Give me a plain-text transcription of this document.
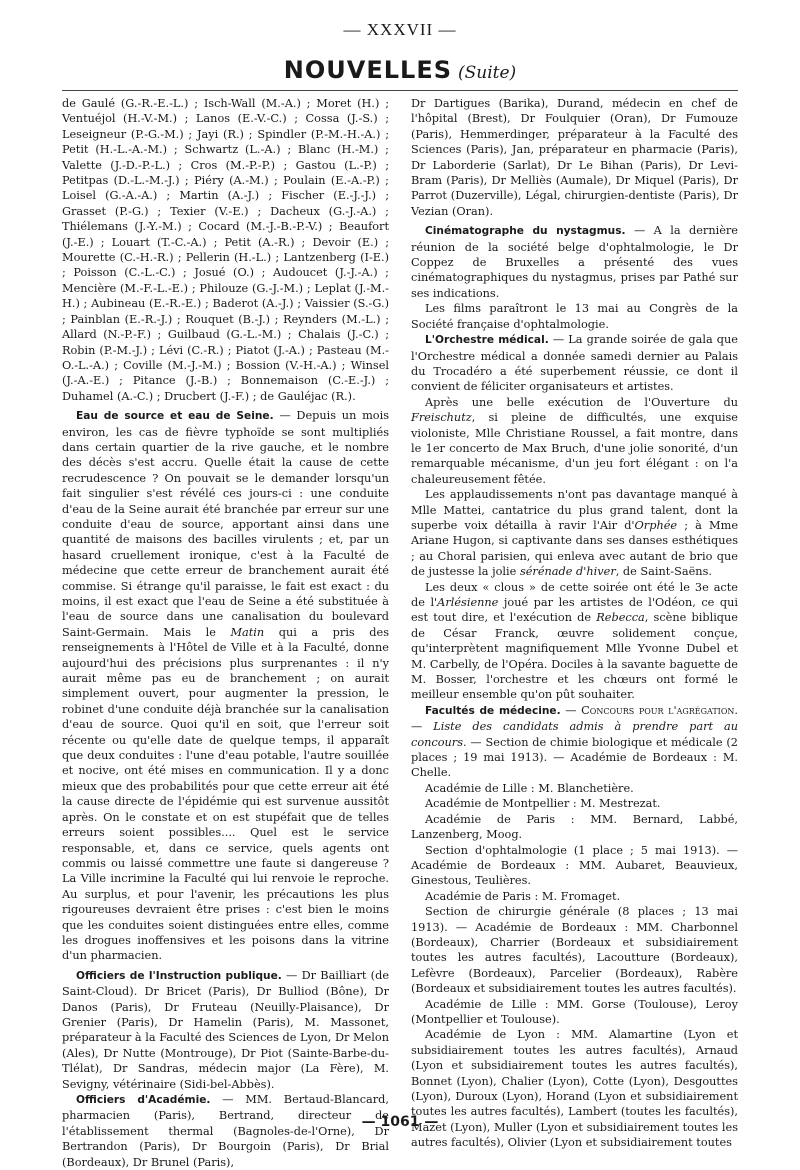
— XXXVII —
NOUVELLES (Suite)

de Gaulé (G.-R.-E.-L.) ; Isch-Wall (M.-A.) ; Moret (H.) ; Ventuéjol (H.-V.-M.) ; Lanos (E.-V.-C.) ; Cossa (J.-S.) ; Leseigneur (P.-G.-M.) ; Jayi (R.) ; Spindler (P.-M.-H.-A.) ; Petit (H.-L.-A.-M.) ; Schwartz (L.-A.) ; Blanc (H.-M.) ; Valette (J.-D.-P.-L.) ; Cros (M.-P.-P.) ; Gastou (L.-P.) ; Petitpas (D.-L.-M.-J.) ; Piéry (A.-M.) ; Poulain (E.-A.-P.) ; Loisel (G.-A.-A.) ; Martin (A.-J.) ; Fischer (E.-J.-J.) ; Grasset (P.-G.) ; Texier (V.-E.) ; Dacheux (G.-J.-A.) ; Thiélemans (J.-Y.-M.) ; Cocard (M.-J.-B.-P.-V.) ; Beaufort (J.-E.) ; Louart (T.-C.-A.) ; Petit (A.-R.) ; Devoir (E.) ; Mourette (C.-H.-R.) ; Pellerin (H.-L.) ; Lantzenberg (I-E.) ; Poisson (C.-L.-C.) ; Josué (O.) ; Audoucet (J.-J.-A.) ; Mencière (M.-F.-L.-E.) ; Philouze (G.-J.-M.) ; Leplat (J.-M.-H.) ; Aubineau (E.-R.-E.) ; Baderot (A.-J.) ; Vaissier (S.-G.) ; Painblan (E.-R.-J.) ; Rouquet (B.-J.) ; Reynders (M.-L.) ; Allard (N.-P.-F.) ; Guilbaud (G.-L.-M.) ; Chalais (J.-C.) ; Robin (P.-M.-J.) ; Lévi (C.-R.) ; Piatot (J.-A.) ; Pasteau (M.-O.-L.-A.) ; Coville (M.-J.-M.) ; Bossion (V.-H.-A.) ; Winsel (J.-A.-E.) ; Pitance (J.-B.) ; Bonnemaison (C.-E.-J.) ; Duhamel (A.-C.) ; Drucbert (J.-F.) ; de Gauléjac (R.).

Eau de source et eau de Seine. — Depuis un mois environ, les cas de fièvre typhoïde se sont multipliés dans certain quartier de la rive gauche, et le nombre des décès s'est accru. Quelle était la cause de cette recrudescence ? On pouvait se le demander lorsqu'un fait singulier s'est révélé ces jours-ci : une conduite d'eau de la Seine aurait été branchée par erreur sur une conduite d'eau de source, apportant ainsi dans une quantité de maisons des bacilles virulents ; et, par un hasard cruellement ironique, c'est à la Faculté de médecine que cette erreur de branchement aurait été commise. Si étrange qu'il paraisse, le fait est exact : du moins, il est exact que l'eau de Seine a été substituée à l'eau de source dans une canalisation du boulevard Saint-Germain. Mais le Matin qui a pris des renseignements à l'Hôtel de Ville et à la Faculté, donne aujourd'hui des précisions plus surprenantes : il n'y aurait même pas eu de branchement ; on aurait simplement ouvert, pour augmenter la pression, le robinet d'une conduite déjà branchée sur la canalisation d'eau de source. Quoi qu'il en soit, que l'erreur soit récente ou qu'elle date de quelque temps, il apparaît que deux conduites : l'une d'eau potable, l'autre souillée et nocive, ont été mises en communication. Il y a donc mieux que des probabilités pour que cette erreur ait été la cause directe de l'épidémie qui est survenue aussitôt après. On le constate et on est stupéfait que de telles erreurs soient possibles.... Quel est le service responsable, et, dans ce service, quels agents ont commis ou laissé commettre une faute si dangereuse ? La Ville incrimine la Faculté qui lui renvoie le reproche. Au surplus, et pour l'avenir, les précautions les plus rigoureuses devraient être prises : c'est bien le moins que les conduites soient distinguées entre elles, comme les drogues inoffensives et les poisons dans la vitrine d'un pharmacien.

Officiers de l'Instruction publique. — Dr Bailliart (de Saint-Cloud). Dr Bricet (Paris), Dr Bulliod (Bône), Dr Danos (Paris), Dr Fruteau (Neuilly-Plaisance), Dr Grenier (Paris), Dr Hamelin (Paris), M. Massonet, préparateur à la Faculté des Sciences de Lyon, Dr Melon (Ales), Dr Nutte (Montrouge), Dr Piot (Sainte-Barbe-du-Tlélat), Dr Sandras, médecin major (La Fère), M. Sevigny, vétérinaire (Sidi-bel-Abbès).

Officiers d'Académie. — MM. Bertaud-Blancard, pharmacien (Paris), Bertrand, directeur de l'établissement thermal (Bagnoles-de-l'Orne), Dr Bertrandon (Paris), Dr Bourgoin (Paris), Dr Brial (Bordeaux), Dr Brunel (Paris),

Dr Dartigues (Barika), Durand, médecin en chef de l'hôpital (Brest), Dr Foulquier (Oran), Dr Fumouze (Paris), Hemmerdinger, préparateur à la Faculté des Sciences (Paris), Jan, préparateur en pharmacie (Paris), Dr Laborderie (Sarlat), Dr Le Bihan (Paris), Dr Levi-Bram (Paris), Dr Melliès (Aumale), Dr Miquel (Paris), Dr Parrot (Duzerville), Légal, chirurgien-dentiste (Paris), Dr Vezian (Oran).

Cinématographe du nystagmus. — A la dernière réunion de la société belge d'ophtalmologie, le Dr Coppez de Bruxelles a présenté des vues cinématographiques du nystagmus, prises par Pathé sur ses indications.

Les films paraîtront le 13 mai au Congrès de la Société française d'ophtalmologie.

L'Orchestre médical. — La grande soirée de gala que l'Orchestre médical a donnée samedi dernier au Palais du Trocadéro a été superbement réussie, ce dont il convient de féliciter organisateurs et artistes.

Après une belle exécution de l'Ouverture du Freischutz, si pleine de difficultés, une exquise violoniste, Mlle Christiane Roussel, a fait montre, dans le 1er concerto de Max Bruch, d'une jolie sonorité, d'un remarquable mécanisme, d'un jeu fort élégant : on l'a chaleureusement fêtée.

Les applaudissements n'ont pas davantage manqué à Mlle Mattei, cantatrice du plus grand talent, dont la superbe voix détailla à ravir l'Air d'Orphée ; à Mme Ariane Hugon, si captivante dans ses danses esthétiques ; au Choral parisien, qui enleva avec autant de brio que de justesse la jolie sérénade d'hiver, de Saint-Saëns.

Les deux « clous » de cette soirée ont été le 3e acte de l'Arlésienne joué par les artistes de l'Odéon, ce qui est tout dire, et l'exécution de Rebecca, scène biblique de César Franck, œuvre solidement conçue, qu'interprètent magnifiquement Mlle Yvonne Dubel et M. Carbelly, de l'Opéra. Dociles à la savante baguette de M. Bosser, l'orchestre et les chœurs ont formé le meilleur ensemble qu'on pût souhaiter.

Facultés de médecine. — Concours pour l'agrégation. — Liste des candidats admis à prendre part au concours. — Section de chimie biologique et médicale (2 places ; 19 mai 1913). — Académie de Bordeaux : M. Chelle.

Académie de Lille : M. Blanchetière.

Académie de Montpellier : M. Mestrezat.

Académie de Paris : MM. Bernard, Labbé, Lanzenberg, Moog.

Section d'ophtalmologie (1 place ; 5 mai 1913). — Académie de Bordeaux : MM. Aubaret, Beauvieux, Ginestous, Teulières.

Académie de Paris : M. Fromaget.

Section de chirurgie générale (8 places ; 13 mai 1913). — Académie de Bordeaux : MM. Charbonnel (Bordeaux), Charrier (Bordeaux et subsidiairement toutes les autres facultés), Lacoutture (Bordeaux), Lefèvre (Bordeaux), Parcelier (Bordeaux), Rabère (Bordeaux et subsidiairement toutes les autres facultés).

Académie de Lille : MM. Gorse (Toulouse), Leroy (Montpellier et Toulouse).

Académie de Lyon : MM. Alamartine (Lyon et subsidiairement toutes les autres facultés), Arnaud (Lyon et subsidiairement toutes les autres facultés), Bonnet (Lyon), Chalier (Lyon), Cotte (Lyon), Desgouttes (Lyon), Duroux (Lyon), Horand (Lyon et subsidiairement toutes les autres facultés), Lambert (toutes les facultés), Mazet (Lyon), Muller (Lyon et subsidiairement toutes les autres facultés), Olivier (Lyon et subsidiairement toutes

— 1061 —
